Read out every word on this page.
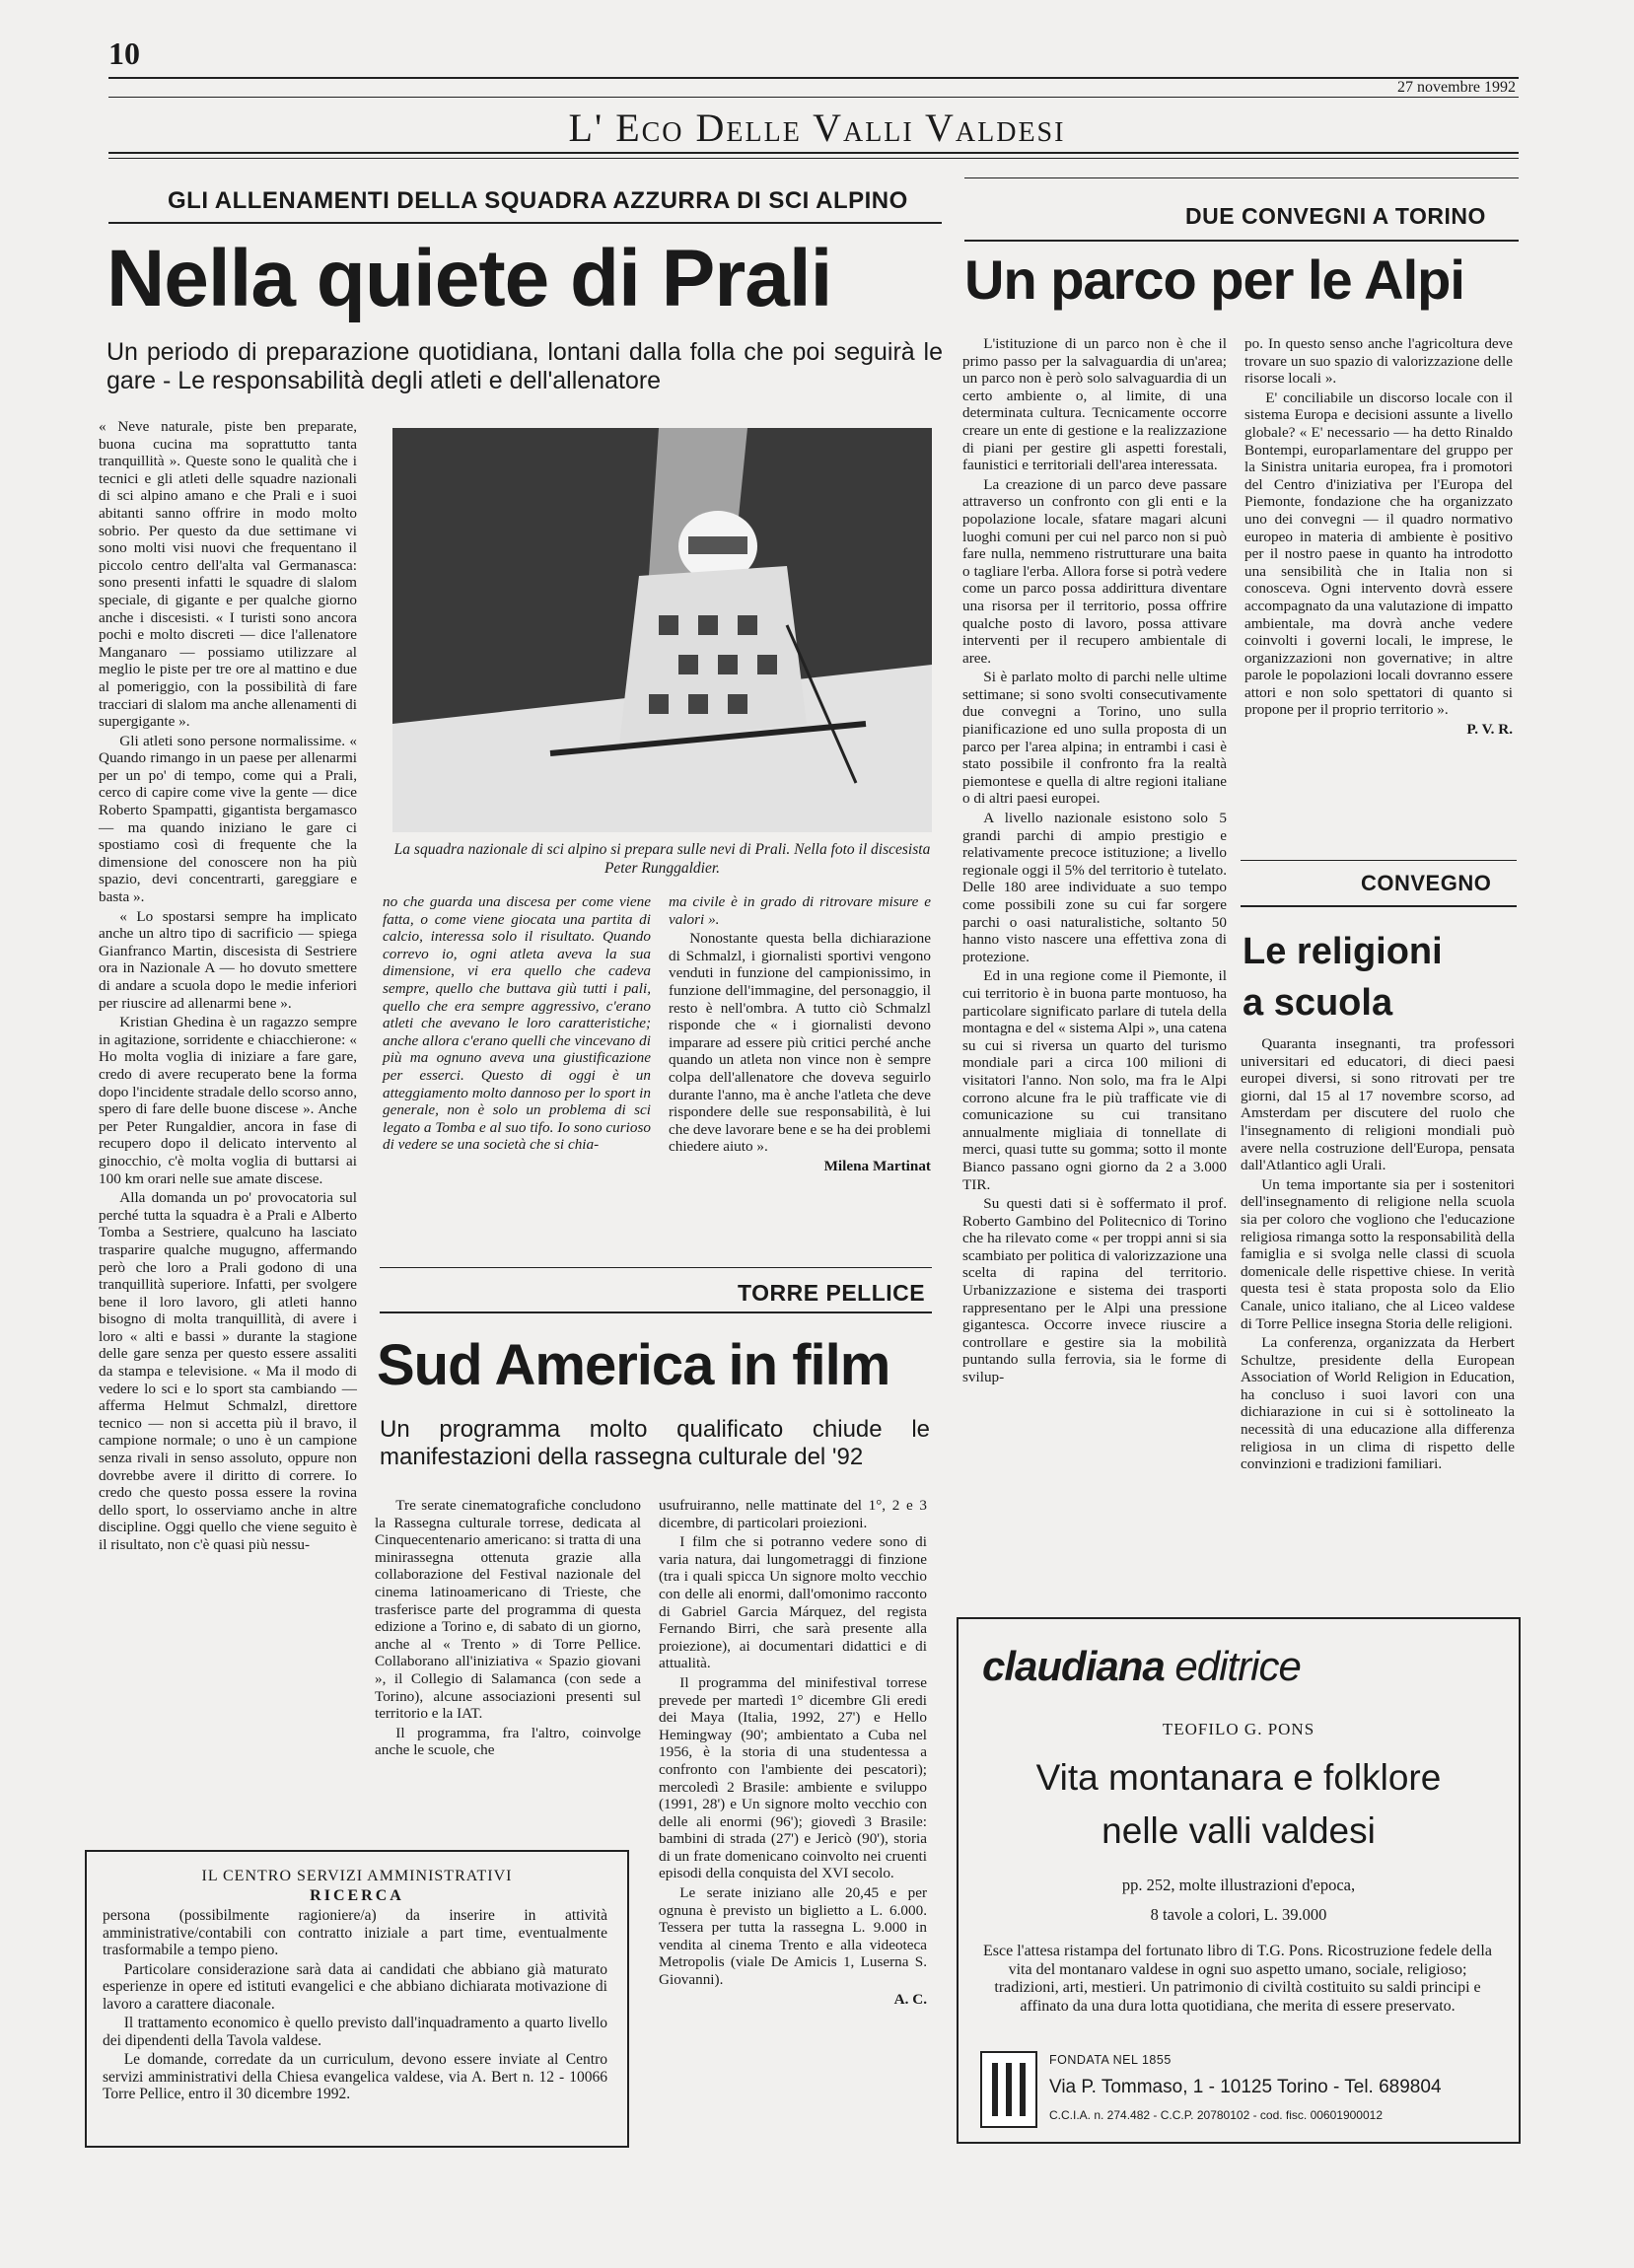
10
27 novembre 1992
L' Eco Delle Valli Valdesi
GLI ALLENAMENTI DELLA SQUADRA AZZURRA DI SCI ALPINO
Nella quiete di Prali
Un periodo di preparazione quotidiana, lontani dalla folla che poi seguirà le gare - Le responsabilità degli atleti e dell'allenatore

« Neve naturale, piste ben preparate, buona cucina ma soprattutto tanta tranquillità ». Queste sono le qualità che i tecnici e gli atleti delle squadre nazionali di sci alpino amano e che Prali e i suoi abitanti sanno offrire in modo molto sobrio. Per questo da due settimane vi sono molti visi nuovi che frequentano il piccolo centro dell'alta val Germanasca: sono presenti infatti le squadre di slalom speciale, di gigante e per qualche giorno anche i discesisti. « I turisti sono ancora pochi e molto discreti — dice l'allenatore Manganaro — possiamo utilizzare al meglio le piste per tre ore al mattino e due al pomeriggio, con la possibilità di fare tracciari di slalom ma anche allenamenti di supergigante ».

Gli atleti sono persone normalissime. « Quando rimango in un paese per allenarmi per un po' di tempo, come qui a Prali, cerco di capire come vive la gente — dice Roberto Spampatti, gigantista bergamasco — ma quando iniziano le gare ci spostiamo così di frequente che la dimensione del conoscere non ha più spazio, devi concentrarti, gareggiare e basta ».

« Lo spostarsi sempre ha implicato anche un altro tipo di sacrificio — spiega Gianfranco Martin, discesista di Sestriere ora in Nazionale A — ho dovuto smettere di andare a scuola dopo le medie inferiori per riuscire ad allenarmi bene ».

Kristian Ghedina è un ragazzo sempre in agitazione, sorridente e chiacchierone: « Ho molta voglia di iniziare a fare gare, credo di avere recuperato bene la forma dopo l'incidente stradale dello scorso anno, spero di fare delle buone discese ». Anche per Peter Rungaldier, ancora in fase di recupero dopo il delicato intervento al ginocchio, c'è molta voglia di buttarsi ai 100 km orari nelle sue amate discese.

Alla domanda un po' provocatoria sul perché tutta la squadra è a Prali e Alberto Tomba a Sestriere, qualcuno ha lasciato trasparire qualche mugugno, affermando però che loro a Prali godono di una tranquillità superiore. Infatti, per svolgere bene il loro lavoro, gli atleti hanno bisogno di molta tranquillità, di avere i loro « alti e bassi » durante la stagione delle gare senza per questo essere assaliti da stampa e televisione. « Ma il modo di vedere lo sci e lo sport sta cambiando — afferma Helmut Schmalzl, direttore tecnico — non si accetta più il bravo, il campione normale; o uno è un campione senza rivali in senso assoluto, oppure non dovrebbe avere il diritto di correre. Io credo che questo possa essere la rovina dello sport, lo osserviamo anche in altre discipline. Oggi quello che viene seguito è il risultato, non c'è quasi più nessu-

La squadra nazionale di sci alpino si prepara sulle nevi di Prali. Nella foto il discesista Peter Runggaldier.

no che guarda una discesa per come viene fatta, o come viene giocata una partita di calcio, interessa solo il risultato. Quando correvo io, ogni atleta aveva la sua dimensione, vi era quello che cadeva sempre, quello che buttava giù tutti i pali, quello che era sempre aggressivo, c'erano atleti che avevano le loro caratteristiche; anche allora c'erano quelli che vincevano di più ma ognuno aveva una giustificazione per esserci. Questo di oggi è un atteggiamento molto dannoso per lo sport in generale, non è solo un problema di sci legato a Tomba e al suo tifo. Io sono curioso di vedere se una società che si chia-

ma civile è in grado di ritrovare misure e valori ».

Nonostante questa bella dichiarazione di Schmalzl, i giornalisti sportivi vengono venduti in funzione del campionissimo, in funzione dell'immagine, del personaggio, il resto è nell'ombra. A tutto ciò Schmalzl risponde che « i giornalisti devono imparare ad essere più critici perché anche quando un atleta non vince non è sempre colpa dell'allenatore che doveva seguirlo durante l'anno, ma è anche l'atleta che deve rispondere delle sue responsabilità, è lui che deve lavorare bene e se ha dei problemi chiedere aiuto ».

Milena Martinat

TORRE PELLICE
Sud America in film
Un programma molto qualificato chiude le manifestazioni della rassegna culturale del '92

Tre serate cinematografiche concludono la Rassegna culturale torrese, dedicata al Cinquecentenario americano: si tratta di una minirassegna ottenuta grazie alla collaborazione del Festival nazionale del cinema latinoamericano di Trieste, che trasferisce parte del programma di questa edizione a Torino e, di sabato di un giorno, anche al « Trento » di Torre Pellice. Collaborano all'iniziativa « Spazio giovani », il Collegio di Salamanca (con sede a Torino), alcune associazioni presenti sul territorio e la IAT.

Il programma, fra l'altro, coinvolge anche le scuole, che

usufruiranno, nelle mattinate del 1°, 2 e 3 dicembre, di particolari proiezioni.

I film che si potranno vedere sono di varia natura, dai lungometraggi di finzione (tra i quali spicca Un signore molto vecchio con delle ali enormi, dall'omonimo racconto di Gabriel Garcia Márquez, del regista Fernando Birri, che sarà presente alla proiezione), ai documentari didattici e di attualità.

Il programma del minifestival torrese prevede per martedì 1° dicembre Gli eredi dei Maya (Italia, 1992, 27') e Hello Hemingway (90'; ambientato a Cuba nel 1956, è la storia di una studentessa a confronto con l'ambiente dei pescatori); mercoledì 2 Brasile: ambiente e sviluppo (1991, 28') e Un signore molto vecchio con delle ali enormi (96'); giovedì 3 Brasile: bambini di strada (27') e Jericò (90'), storia di un frate domenicano coinvolto nei cruenti episodi della conquista del XVI secolo.

Le serate iniziano alle 20,45 e per ognuna è previsto un biglietto a L. 6.000. Tessera per tutta la rassegna L. 9.000 in vendita al cinema Trento e alla videoteca Metropolis (viale De Amicis 1, Luserna S. Giovanni).

A. C.

IL CENTRO SERVIZI AMMINISTRATIVI
RICERCA

persona (possibilmente ragioniere/a) da inserire in attività amministrative/contabili con contratto iniziale a part time, eventualmente trasformabile a tempo pieno.

Particolare considerazione sarà data ai candidati che abbiano già maturato esperienze in opere ed istituti evangelici e che abbiano dichiarata motivazione di lavoro a carattere diaconale.

Il trattamento economico è quello previsto dall'inquadramento a quarto livello dei dipendenti della Tavola valdese.

Le domande, corredate da un curriculum, devono essere inviate al Centro servizi amministrativi della Chiesa evangelica valdese, via A. Bert n. 12 - 10066 Torre Pellice, entro il 30 dicembre 1992.

DUE CONVEGNI A TORINO
Un parco per le Alpi

L'istituzione di un parco non è che il primo passo per la salvaguardia di un'area; un parco non è però solo salvaguardia di un certo ambiente o, al limite, di una determinata cultura. Tecnicamente occorre creare un ente di gestione e la realizzazione di piani per gestire gli aspetti forestali, faunistici e territoriali dell'area interessata.

La creazione di un parco deve passare attraverso un confronto con gli enti e la popolazione locale, sfatare magari alcuni luoghi comuni per cui nel parco non si può fare nulla, nemmeno ristrutturare una baita o tagliare l'erba. Allora forse si potrà vedere come un parco possa addirittura diventare una risorsa per il territorio, possa offrire qualche posto di lavoro, possa attivare interventi per il recupero ambientale di aree.

Si è parlato molto di parchi nelle ultime settimane; si sono svolti consecutivamente due convegni a Torino, uno sulla pianificazione ed uno sulla proposta di un parco per l'area alpina; in entrambi i casi è stato possibile il confronto fra la realtà piemontese e quella di altre regioni italiane o di altri paesi europei.

A livello nazionale esistono solo 5 grandi parchi di ampio prestigio e relativamente precoce istituzione; a livello regionale oggi il 5% del territorio è tutelato. Delle 180 aree individuate a suo tempo come possibili zone su cui far sorgere parchi o oasi naturalistiche, soltanto 50 hanno visto nascere una effettiva zona di protezione.

Ed in una regione come il Piemonte, il cui territorio è in buona parte montuoso, ha particolare significato parlare di tutela della montagna e del « sistema Alpi », una catena su cui si riversa un quarto del turismo mondiale pari a circa 100 milioni di visitatori l'anno. Non solo, ma fra le Alpi corrono alcune fra le più trafficate vie di comunicazione su cui transitano annualmente migliaia di tonnellate di merci, quasi tutte su gomma; sotto il monte Bianco passano ogni giorno da 2 a 3.000 TIR.

Su questi dati si è soffermato il prof. Roberto Gambino del Politecnico di Torino che ha rilevato come « per troppi anni si sia scambiato per politica di valorizzazione una scelta di rapina del territorio. Urbanizzazione e sistema dei trasporti rappresentano per le Alpi una pressione gigantesca. Occorre invece riuscire a controllare e gestire sia la mobilità puntando sulla ferrovia, sia le forme di svilup-

po. In questo senso anche l'agricoltura deve trovare un suo spazio di valorizzazione delle risorse locali ».

E' conciliabile un discorso locale con il sistema Europa e decisioni assunte a livello globale? « E' necessario — ha detto Rinaldo Bontempi, europarlamentare del gruppo per la Sinistra unitaria europea, fra i promotori del Centro d'iniziativa per l'Europa del Piemonte, fondazione che ha organizzato uno dei convegni — il quadro normativo europeo in materia di ambiente è positivo per il nostro paese in quanto ha introdotto una sensibilità che in Italia non si conosceva. Ogni intervento dovrà essere accompagnato da una valutazione di impatto ambientale, ma dovrà anche vedere coinvolti i governi locali, le imprese, le organizzazioni non governative; in altre parole le popolazioni locali dovranno essere attori e non solo spettatori di quanto si propone per il proprio territorio ».

P. V. R.

CONVEGNO
Le religioni
a scuola

Quaranta insegnanti, tra professori universitari ed educatori, di dieci paesi europei diversi, si sono ritrovati per tre giorni, dal 15 al 17 novembre scorso, ad Amsterdam per discutere del ruolo che l'insegnamento di religioni mondiali può avere nella costruzione dell'Europa, pensata dall'Atlantico agli Urali.

Un tema importante sia per i sostenitori dell'insegnamento di religione nella scuola sia per coloro che vogliono che l'educazione religiosa rimanga sotto la responsabilità della famiglia e si svolga nelle classi di scuola domenicale delle rispettive chiese. In verità questa tesi è stata proposta solo da Elio Canale, unico italiano, che al Liceo valdese di Torre Pellice insegna Storia delle religioni.

La conferenza, organizzata da Herbert Schultze, presidente della European Association of World Religion in Education, ha concluso i suoi lavori con una dichiarazione in cui si è sottolineato la necessità di una educazione alla differenza religiosa in un clima di rispetto delle convinzioni e tradizioni familiari.

claudiana editrice
TEOFILO G. PONS
Vita montanara e folklore
nelle valli valdesi
pp. 252, molte illustrazioni d'epoca,
8 tavole a colori, L. 39.000
Esce l'attesa ristampa del fortunato libro di T.G. Pons. Ricostruzione fedele della vita del montanaro valdese in ogni suo aspetto umano, sociale, religioso; tradizioni, arti, mestieri. Un patrimonio di civiltà costituito su saldi principi e affinato da una dura lotta quotidiana, che merita di essere preservato.
FONDATA NEL 1855
Via P. Tommaso, 1 - 10125 Torino - Tel. 689804
C.C.I.A. n. 274.482 - C.C.P. 20780102 - cod. fisc. 00601900012
